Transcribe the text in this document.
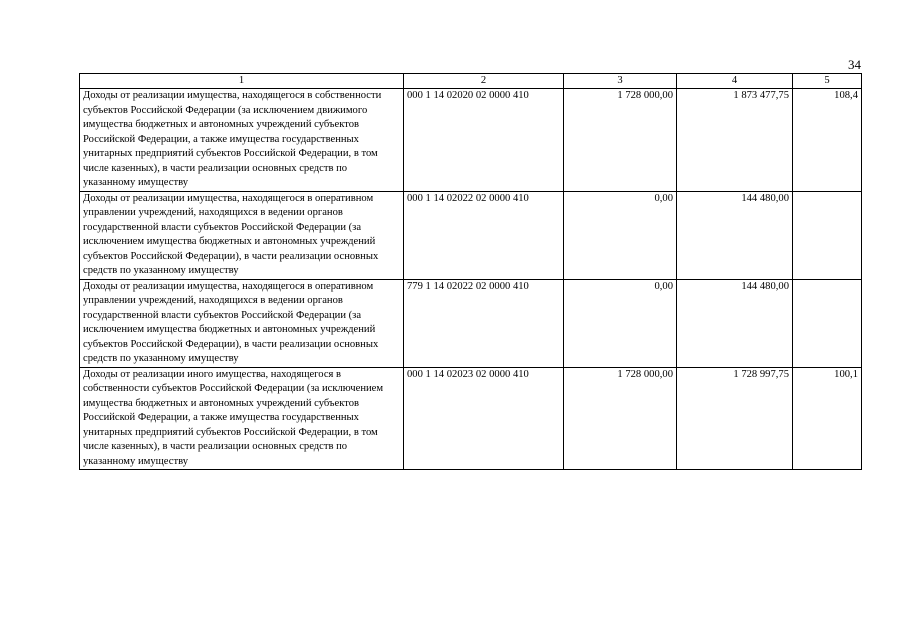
34
1	2	3	4	5
Доходы от реализации имущества, находящегося в собственности субъектов Российской Федерации (за исключением движимого имущества бюджетных и автономных учреждений субъектов Российской Федерации, а также имущества государственных унитарных предприятий субъектов Российской Федерации, в том числе казенных), в части реализации основных средств по указанному имуществу	000 1 14 02020 02 0000 410	1 728 000,00	1 873 477,75	108,4
Доходы от реализации имущества, находящегося в оперативном управлении учреждений, находящихся в ведении органов государственной власти субъектов Российской Федерации (за исключением имущества бюджетных и автономных учреждений субъектов Российской Федерации), в части реализации основных средств по указанному имуществу	000 1 14 02022 02 0000 410	0,00	144 480,00	
Доходы от реализации имущества, находящегося в оперативном управлении учреждений, находящихся в ведении органов государственной власти субъектов Российской Федерации (за исключением имущества бюджетных и автономных учреждений субъектов Российской Федерации), в части реализации основных средств по указанному имуществу	779 1 14 02022 02 0000 410	0,00	144 480,00	
Доходы от реализации иного имущества, находящегося в собственности субъектов Российской Федерации (за исключением имущества бюджетных и автономных учреждений субъектов Российской Федерации, а также имущества государственных унитарных предприятий субъектов Российской Федерации, в том числе казенных), в части реализации основных средств по указанному имуществу	000 1 14 02023 02 0000 410	1 728 000,00	1 728 997,75	100,1
